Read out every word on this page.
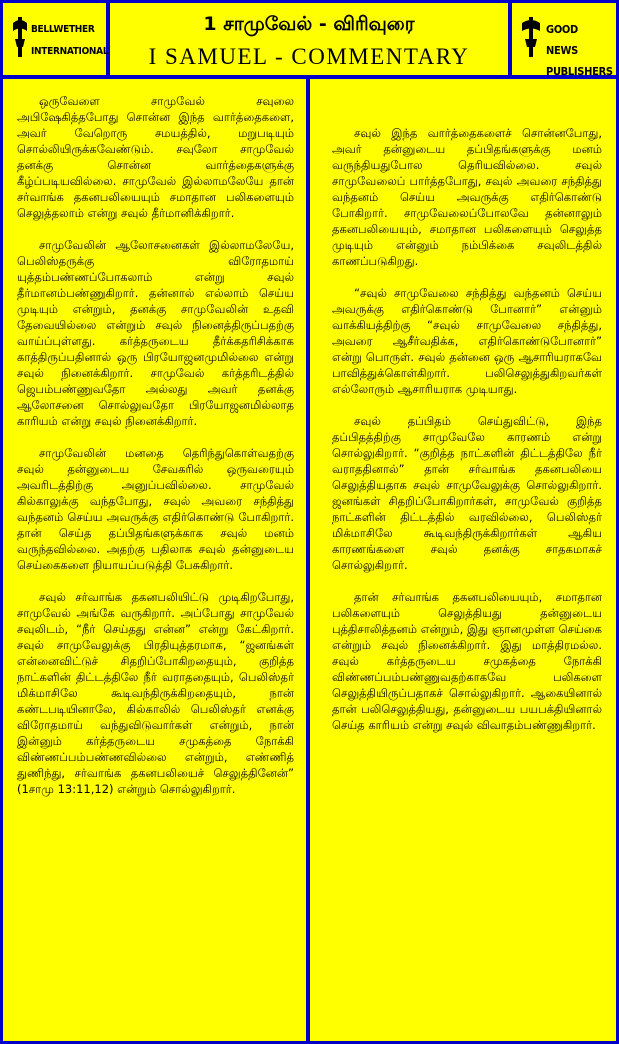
BELLWETHER
INTERNATIONAL
1 சாமுவேல் - விரிவுரை
I SAMUEL - COMMENTARY
GOOD NEWS
PUBLISHERS

ஒருவேளை சாமுவேல் சவுலை அபிஷேகித்தபோது சொன்ன இந்த வார்த்தைகளை, அவர் வேறொரு சமயத்தில், மறுபடியும் சொல்லியிருக்கவேண்டும். சவுலோ சாமுவேல் தனக்கு சொன்ன வார்த்தைகளுக்கு கீழ்ப்படியவில்லை. சாமுவேல் இல்லாமலேயே தான் சர்வாங்க தகனபலியையும் சமாதான பலிகளையும் செலுத்தலாம் என்று சவுல் தீர்மானிக்கிறார்.

சாமுவேலின் ஆலோசனைகள் இல்லாமலேயே, பெலிஸ்தருக்கு விரோதமாய் யுத்தம்பண்ணப்போகலாம் என்று சவுல் தீர்மானம்பண்ணுகிறார். தன்னால் எல்லாம் செய்ய முடியும் என்றும், தனக்கு சாமுவேலின் உதவி தேவையில்லை என்றும் சவுல் நினைத்திருப்பதற்கு வாய்ப்புள்ளது. கர்த்தருடைய தீர்க்கதரிசிக்காக காத்திருப்பதினால் ஒரு பிரயோஜனமுமில்லை என்று சவுல் நினைக்கிறார். சாமுவேல் கர்த்தரிடத்தில் ஜெபம்பண்ணுவதோ அல்லது அவர் தனக்கு ஆலோசனை சொல்லுவதோ பிரயோஜனமில்லாத காரியம் என்று சவுல் நினைக்கிறார்.

சாமுவேலின் மனதை தெரிந்துகொள்வதற்கு சவுல் தன்னுடைய சேவகரில் ஒருவரையும் அவரிடத்திற்கு அனுப்பவில்லை. சாமுவேல் கில்காலுக்கு வந்தபோது, சவுல் அவரை சந்தித்து வந்தனம் செய்ய அவருக்கு எதிர்கொண்டு போகிறார். தான் செய்த தப்பிதங்களுக்காக சவுல் மனம் வருந்தவில்லை. அதற்கு பதிலாக சவுல் தன்னுடைய செய்கைகளை நியாயப்படுத்தி பேசுகிறார்.

சவுல் சர்வாங்க தகனபலியிட்டு முடிகிறபோது, சாமுவேல் அங்கே வருகிறார். அப்போது சாமுவேல் சவுலிடம், “நீர் செய்தது என்ன” என்று கேட்கிறார். சவுல் சாமுவேலுக்கு பிரதியுத்தரமாக, “ஜனங்கள் என்னைவிட்டுச் சிதறிப்போகிறதையும், குறித்த நாட்களின் திட்டத்திலே நீர் வராததையும், பெலிஸ்தர் மிக்மாசிலே கூடிவந்திருக்கிறதையும், நான் கண்டபடியினாலே, கில்காலில் பெலிஸ்தர் எனக்கு விரோதமாய் வந்துவிடுவார்கள் என்றும், நான் இன்னும் கர்த்தருடைய சமுகத்தை நோக்கி விண்ணப்பம்பண்ணவில்லை என்றும், எண்ணித் துணிந்து, சர்வாங்க தகனபலியைச் செலுத்தினேன்” (1சாமு 13:11,12) என்றும் சொல்லுகிறார்.

சவுல் இந்த வார்த்தைகளைச் சொன்னபோது, அவர் தன்னுடைய தப்பிதங்களுக்கு மனம் வருந்தியதுபோல தெரியவில்லை. சவுல் சாமுவேலைப் பார்த்தபோது, சவுல் அவரை சந்தித்து வந்தனம் செய்ய அவருக்கு எதிர்கொண்டு போகிறார். சாமுவேலைப்போலவே தன்னாலும் தகனபலியையும், சமாதான பலிகளையும் செலுத்த முடியும் என்னும் நம்பிக்கை சவுலிடத்தில் காணப்படுகிறது.

“சவுல் சாமுவேலை சந்தித்து வந்தனம் செய்ய அவருக்கு எதிர்கொண்டு போனார்” என்னும் வாக்கியத்திற்கு “சவுல் சாமுவேலை சந்தித்து, அவரை ஆசீர்வதிக்க, எதிர்கொண்டுபோனார்” என்று பொருள். சவுல் தன்னை ஒரு ஆசாரியராகவே பாவித்துக்கொள்கிறார். பலிசெலுத்துகிறவர்கள் எல்லோரும் ஆசாரியராக முடியாது.

சவுல் தப்பிதம் செய்துவிட்டு, இந்த தப்பிதத்திற்கு சாமுவேலே காரணம் என்று சொல்லுகிறார். “குறித்த நாட்களின் திட்டத்திலே நீர் வராததினால்” தான் சர்வாங்க தகனபலியை செலுத்தியதாக சவுல் சாமுவேலுக்கு சொல்லுகிறார். ஜனங்கள் சிதறிப்போகிறார்கள், சாமுவேல் குறித்த நாட்களின் திட்டத்தில் வரவில்லை, பெலிஸ்தர் மிக்மாசிலே கூடிவந்திருக்கிறார்கள் ஆகிய காரணங்களை சவுல் தனக்கு சாதகமாகச் சொல்லுகிறார்.

தான் சர்வாங்க தகனபலியையும், சமாதான பலிகளையும் செலுத்தியது தன்னுடைய புத்திசாலித்தனம் என்றும், இது ஞானமுள்ள செய்கை என்றும் சவுல் நினைக்கிறார். இது மாத்திரமல்ல. சவுல் கர்த்தருடைய சமுகத்தை நோக்கி விண்ணப்பம்பண்ணுவதற்காகவே பலிகளை செலுத்தியிருப்பதாகச் சொல்லுகிறார். ஆகையினால் தான் பலிசெலுத்தியது, தன்னுடைய பயபக்தியினால் செய்த காரியம் என்று சவுல் விவாதம்பண்ணுகிறார்.
